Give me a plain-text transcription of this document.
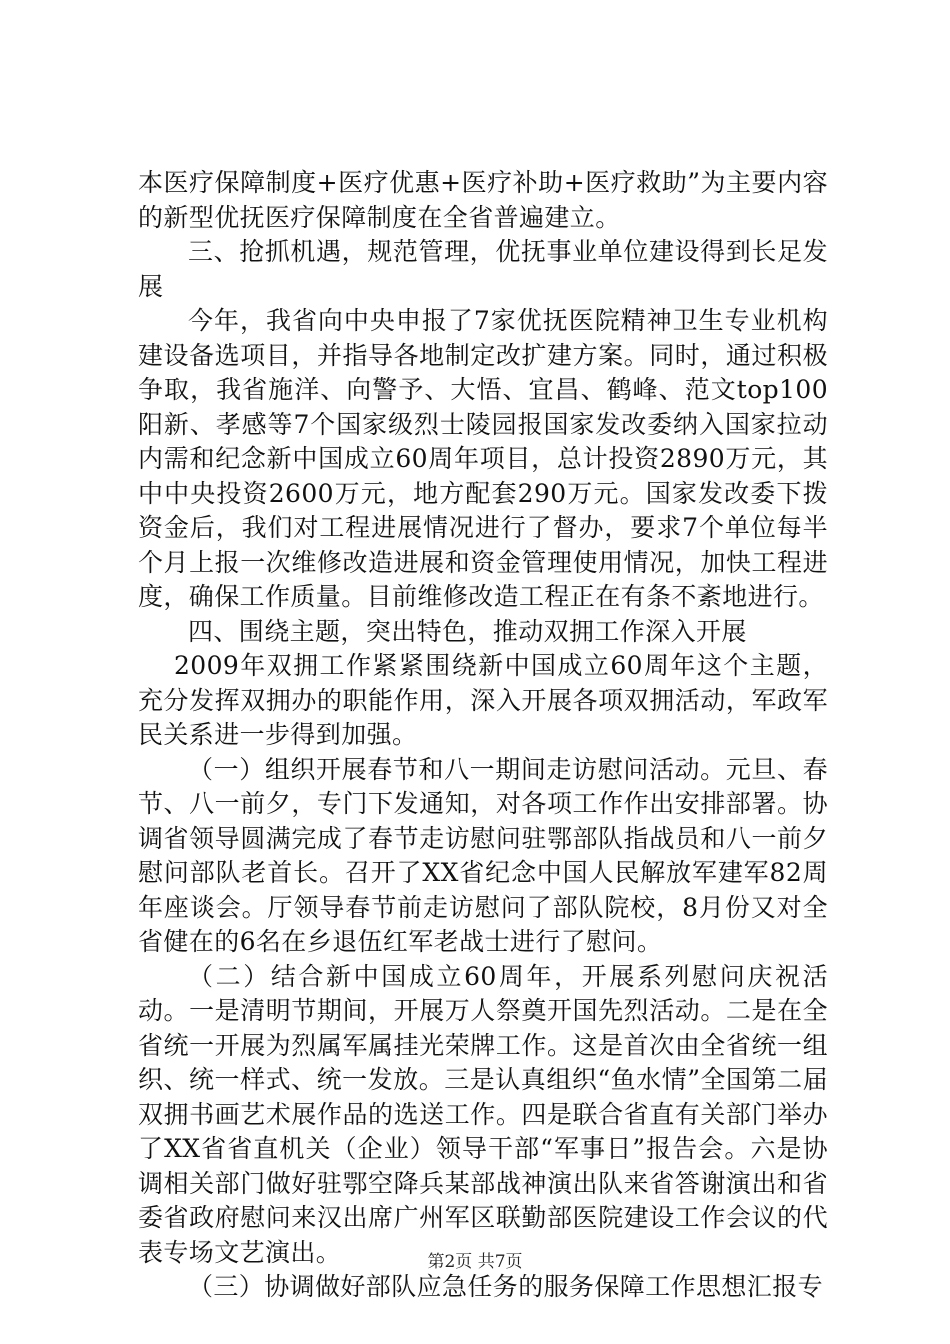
本医疗保障制度+医疗优惠+医疗补助+医疗救助”为主要内容的新型优抚医疗保障制度在全省普遍建立。

三、抢抓机遇，规范管理，优抚事业单位建设得到长足发展

今年，我省向中央申报了7家优抚医院精神卫生专业机构建设备选项目，并指导各地制定改扩建方案。同时，通过积极争取，我省施洋、向警予、大悟、宜昌、鹤峰、范文top100阳新、孝感等7个国家级烈士陵园报国家发改委纳入国家拉动内需和纪念新中国成立60周年项目，总计投资2890万元，其中中央投资2600万元，地方配套290万元。国家发改委下拨资金后，我们对工程进展情况进行了督办，要求7个单位每半个月上报一次维修改造进展和资金管理使用情况，加快工程进度，确保工作质量。目前维修改造工程正在有条不紊地进行。

四、围绕主题，突出特色，推动双拥工作深入开展

2009年双拥工作紧紧围绕新中国成立60周年这个主题，充分发挥双拥办的职能作用，深入开展各项双拥活动，军政军民关系进一步得到加强。

（一）组织开展春节和八一期间走访慰问活动。元旦、春节、八一前夕，专门下发通知，对各项工作作出安排部署。协调省领导圆满完成了春节走访慰问驻鄂部队指战员和八一前夕慰问部队老首长。召开了XX省纪念中国人民解放军建军82周年座谈会。厅领导春节前走访慰问了部队院校，8月份又对全省健在的6名在乡退伍红军老战士进行了慰问。

（二）结合新中国成立60周年，开展系列慰问庆祝活动。一是清明节期间，开展万人祭奠开国先烈活动。二是在全省统一开展为烈属军属挂光荣牌工作。这是首次由全省统一组织、统一样式、统一发放。三是认真组织“鱼水情”全国第二届双拥书画艺术展作品的选送工作。四是联合省直有关部门举办了XX省省直机关（企业）领导干部“军事日”报告会。六是协调相关部门做好驻鄂空降兵某部战神演出队来省答谢演出和省委省政府慰问来汉出席广州军区联勤部医院建设工作会议的代表专场文艺演出。

（三）协调做好部队应急任务的服务保障工作思想汇报专

第2页 共7页
